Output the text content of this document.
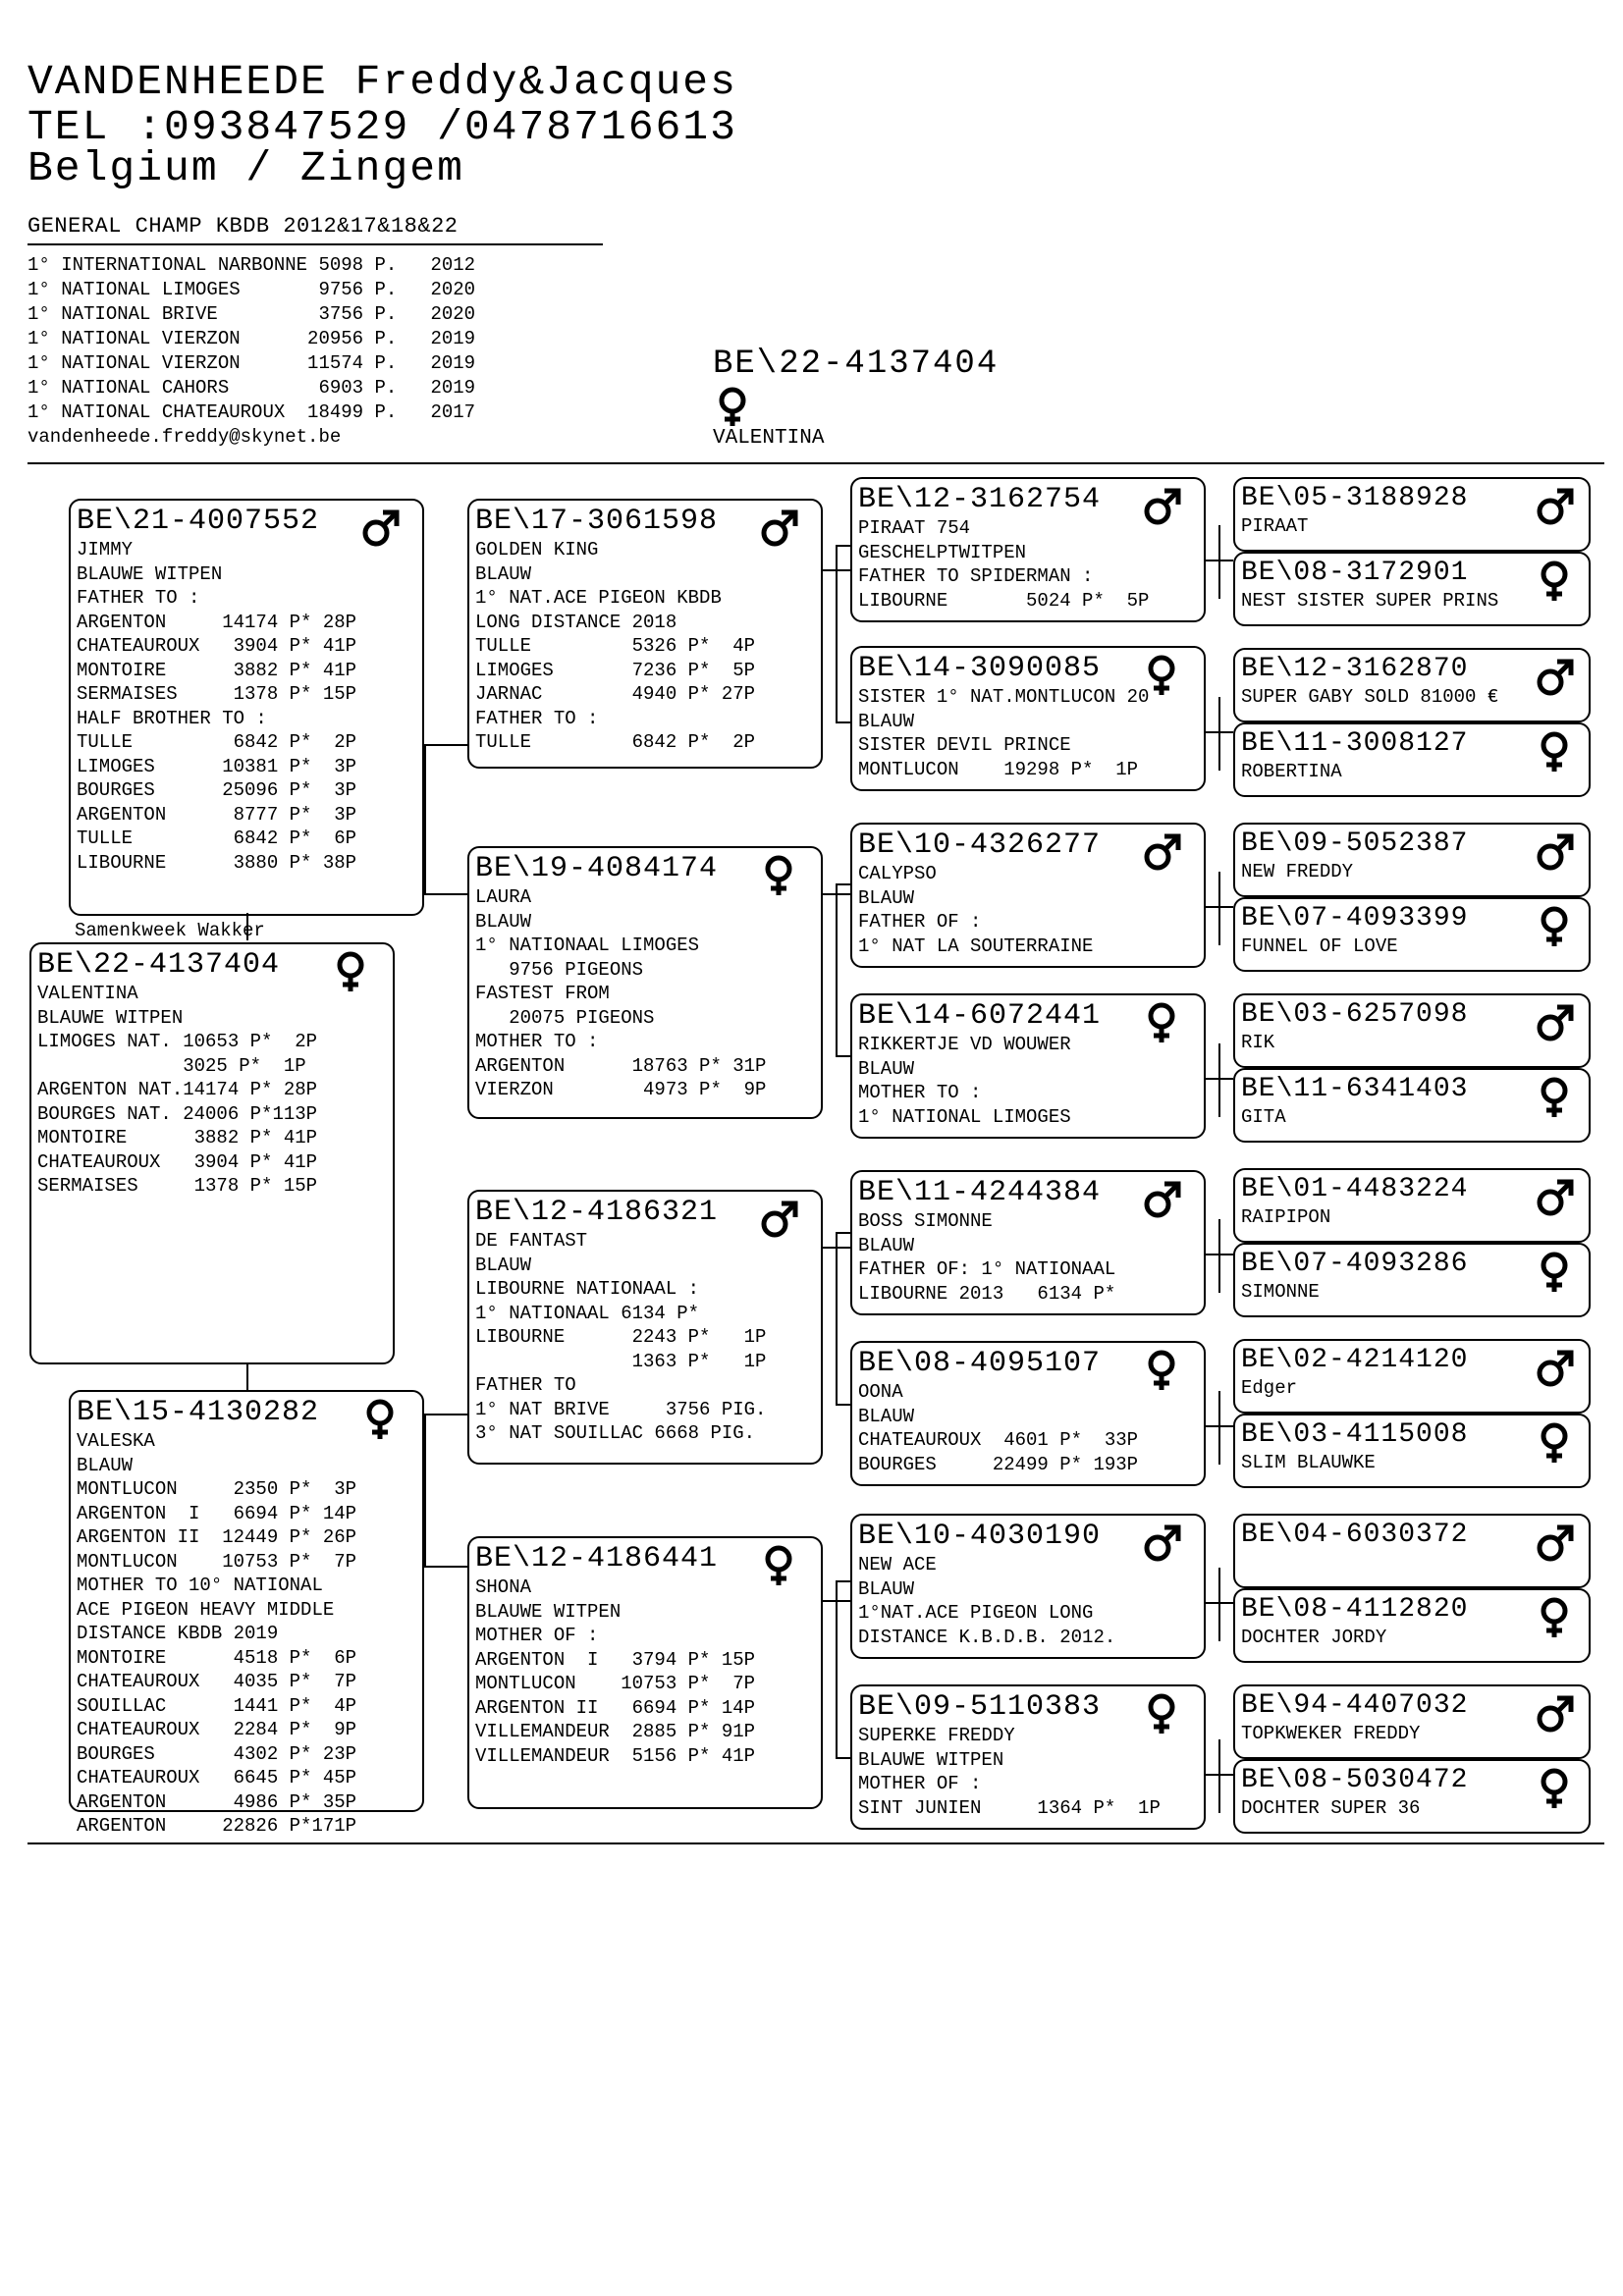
VANDENHEEDE Freddy&Jacques
TEL :093847529 /0478716613
Belgium / Zingem
GENERAL CHAMP KBDB 2012&17&18&22
1° INTERNATIONAL NARBONNE 5098 P.   2012
1° NATIONAL LIMOGES       9756 P.   2020
1° NATIONAL BRIVE         3756 P.   2020
1° NATIONAL VIERZON      20956 P.   2019
1° NATIONAL VIERZON      11574 P.   2019
1° NATIONAL CAHORS        6903 P.   2019
1° NATIONAL CHATEAUROUX  18499 P.   2017
vandenheede.freddy@skynet.be
BE\22-4137404
VALENTINA
BE\21-4007552
JIMMY
BLAUWE WITPEN
FATHER TO :
ARGENTON     14174 P* 28P
CHATEAUROUX   3904 P* 41P
MONTOIRE      3882 P* 41P
SERMAISES     1378 P* 15P
HALF BROTHER TO :
TULLE         6842 P*  2P
LIMOGES      10381 P*  3P
BOURGES      25096 P*  3P
ARGENTON      8777 P*  3P
TULLE         6842 P*  6P
LIBOURNE      3880 P* 38P
BE\22-4137404
VALENTINA
BLAUWE WITPEN
LIMOGES NAT. 10653 P*  2P
3025 P*  1P
ARGENTON NAT.14174 P* 28P
BOURGES NAT. 24006 P*113P
MONTOIRE      3882 P* 41P
CHATEAUROUX   3904 P* 41P
SERMAISES     1378 P* 15P
BE\15-4130282
VALESKA
BLAUW
MONTLUCON     2350 P*  3P
ARGENTON  I   6694 P* 14P
ARGENTON II  12449 P* 26P
MONTLUCON    10753 P*  7P
MOTHER TO 10° NATIONAL
ACE PIGEON HEAVY MIDDLE
DISTANCE KBDB 2019
MONTOIRE      4518 P*  6P
CHATEAUROUX   4035 P*  7P
SOUILLAC      1441 P*  4P
CHATEAUROUX   2284 P*  9P
BOURGES       4302 P* 23P
CHATEAUROUX   6645 P* 45P
ARGENTON      4986 P* 35P
ARGENTON     22826 P*171P
BE\17-3061598
GOLDEN KING
BLAUW
1° NAT.ACE PIGEON KBDB
LONG DISTANCE 2018
TULLE         5326 P*  4P
LIMOGES       7236 P*  5P
JARNAC        4940 P* 27P
FATHER TO :
TULLE         6842 P*  2P
BE\19-4084174
LAURA
BLAUW
1° NATIONAAL LIMOGES
9756 PIGEONS
FASTEST FROM
20075 PIGEONS
MOTHER TO :
ARGENTON      18763 P* 31P
VIERZON        4973 P*  9P
BE\12-4186321
DE FANTAST
BLAUW
LIBOURNE NATIONAAL :
1° NATIONAAL 6134 P*
LIBOURNE      2243 P*   1P
1363 P*   1P
FATHER TO
1° NAT BRIVE     3756 PIG.
3° NAT SOUILLAC 6668 PIG.
BE\12-4186441
SHONA
BLAUWE WITPEN
MOTHER OF :
ARGENTON  I   3794 P* 15P
MONTLUCON    10753 P*  7P
ARGENTON II   6694 P* 14P
VILLEMANDEUR  2885 P* 91P
VILLEMANDEUR  5156 P* 41P
BE\12-3162754
PIRAAT 754
GESCHELPTWITPEN
FATHER TO SPIDERMAN :
LIBOURNE       5024 P*  5P
BE\14-3090085
SISTER 1° NAT.MONTLUCON 20
BLAUW
SISTER DEVIL PRINCE
MONTLUCON    19298 P*  1P
BE\10-4326277
CALYPSO
BLAUW
FATHER OF :
1° NAT LA SOUTERRAINE
BE\14-6072441
RIKKERTJE VD WOUWER
BLAUW
MOTHER TO :
1° NATIONAL LIMOGES
BE\11-4244384
BOSS SIMONNE
BLAUW
FATHER OF: 1° NATIONAAL
LIBOURNE 2013   6134 P*
BE\08-4095107
OONA
BLAUW
CHATEAUROUX  4601 P*  33P
BOURGES     22499 P* 193P
BE\10-4030190
NEW ACE
BLAUW
1°NAT.ACE PIGEON LONG
DISTANCE K.B.D.B. 2012.
BE\09-5110383
SUPERKE FREDDY
BLAUWE WITPEN
MOTHER OF :
SINT JUNIEN     1364 P*  1P
BE\05-3188928
PIRAAT
BE\08-3172901
NEST SISTER SUPER PRINS
BE\12-3162870
SUPER GABY SOLD 81000 €
BE\11-3008127
ROBERTINA
BE\09-5052387
NEW FREDDY
BE\07-4093399
FUNNEL OF LOVE
BE\03-6257098
RIK
BE\11-6341403
GITA
BE\01-4483224
RAIPIPON
BE\07-4093286
SIMONNE
BE\02-4214120
Edger
BE\03-4115008
SLIM BLAUWKE
BE\04-6030372
BE\08-4112820
DOCHTER JORDY
BE\94-4407032
TOPKWEKER FREDDY
BE\08-5030472
DOCHTER SUPER 36
Samenkweek Wakker
